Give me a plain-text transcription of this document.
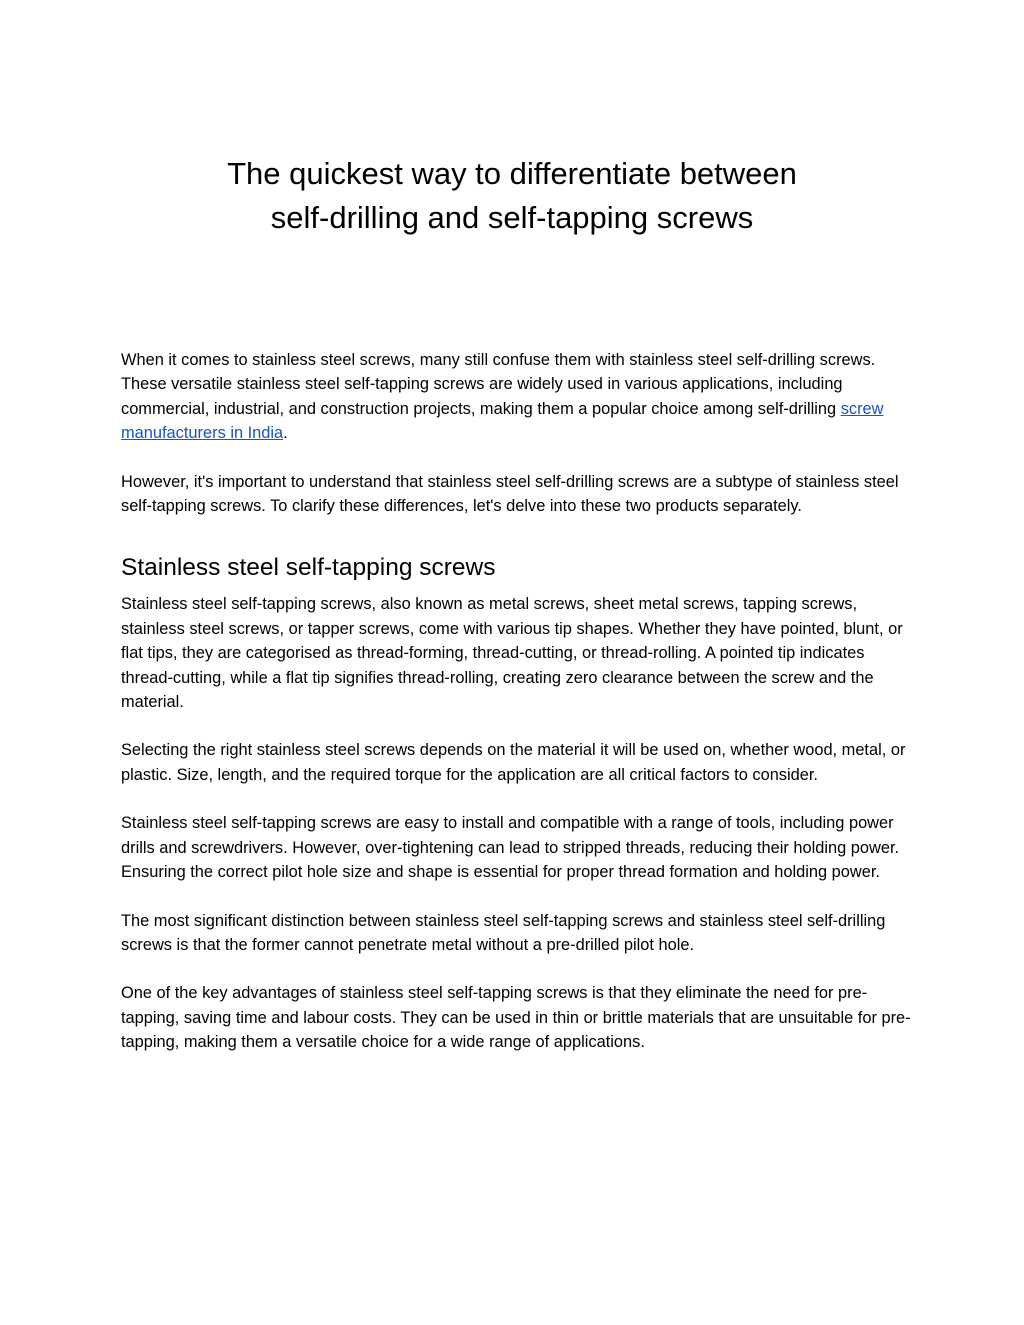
The quickest way to differentiate between
self-drilling and self-tapping screws

When it comes to stainless steel screws, many still confuse them with stainless steel self-drilling screws. These versatile stainless steel self-tapping screws are widely used in various applications, including commercial, industrial, and construction projects, making them a popular choice among self-drilling screw manufacturers in India.

However, it's important to understand that stainless steel self-drilling screws are a subtype of stainless steel self-tapping screws. To clarify these differences, let's delve into these two products separately.

Stainless steel self-tapping screws

Stainless steel self-tapping screws, also known as metal screws, sheet metal screws, tapping screws, stainless steel screws, or tapper screws, come with various tip shapes. Whether they have pointed, blunt, or flat tips, they are categorised as thread-forming, thread-cutting, or thread-rolling. A pointed tip indicates thread-cutting, while a flat tip signifies thread-rolling, creating zero clearance between the screw and the material.

Selecting the right stainless steel screws depends on the material it will be used on, whether wood, metal, or plastic. Size, length, and the required torque for the application are all critical factors to consider.

Stainless steel self-tapping screws are easy to install and compatible with a range of tools, including power drills and screwdrivers. However, over-tightening can lead to stripped threads, reducing their holding power. Ensuring the correct pilot hole size and shape is essential for proper thread formation and holding power.

The most significant distinction between stainless steel self-tapping screws and stainless steel self-drilling screws is that the former cannot penetrate metal without a pre-drilled pilot hole.

One of the key advantages of stainless steel self-tapping screws is that they eliminate the need for pre-tapping, saving time and labour costs. They can be used in thin or brittle materials that are unsuitable for pre-tapping, making them a versatile choice for a wide range of applications.
